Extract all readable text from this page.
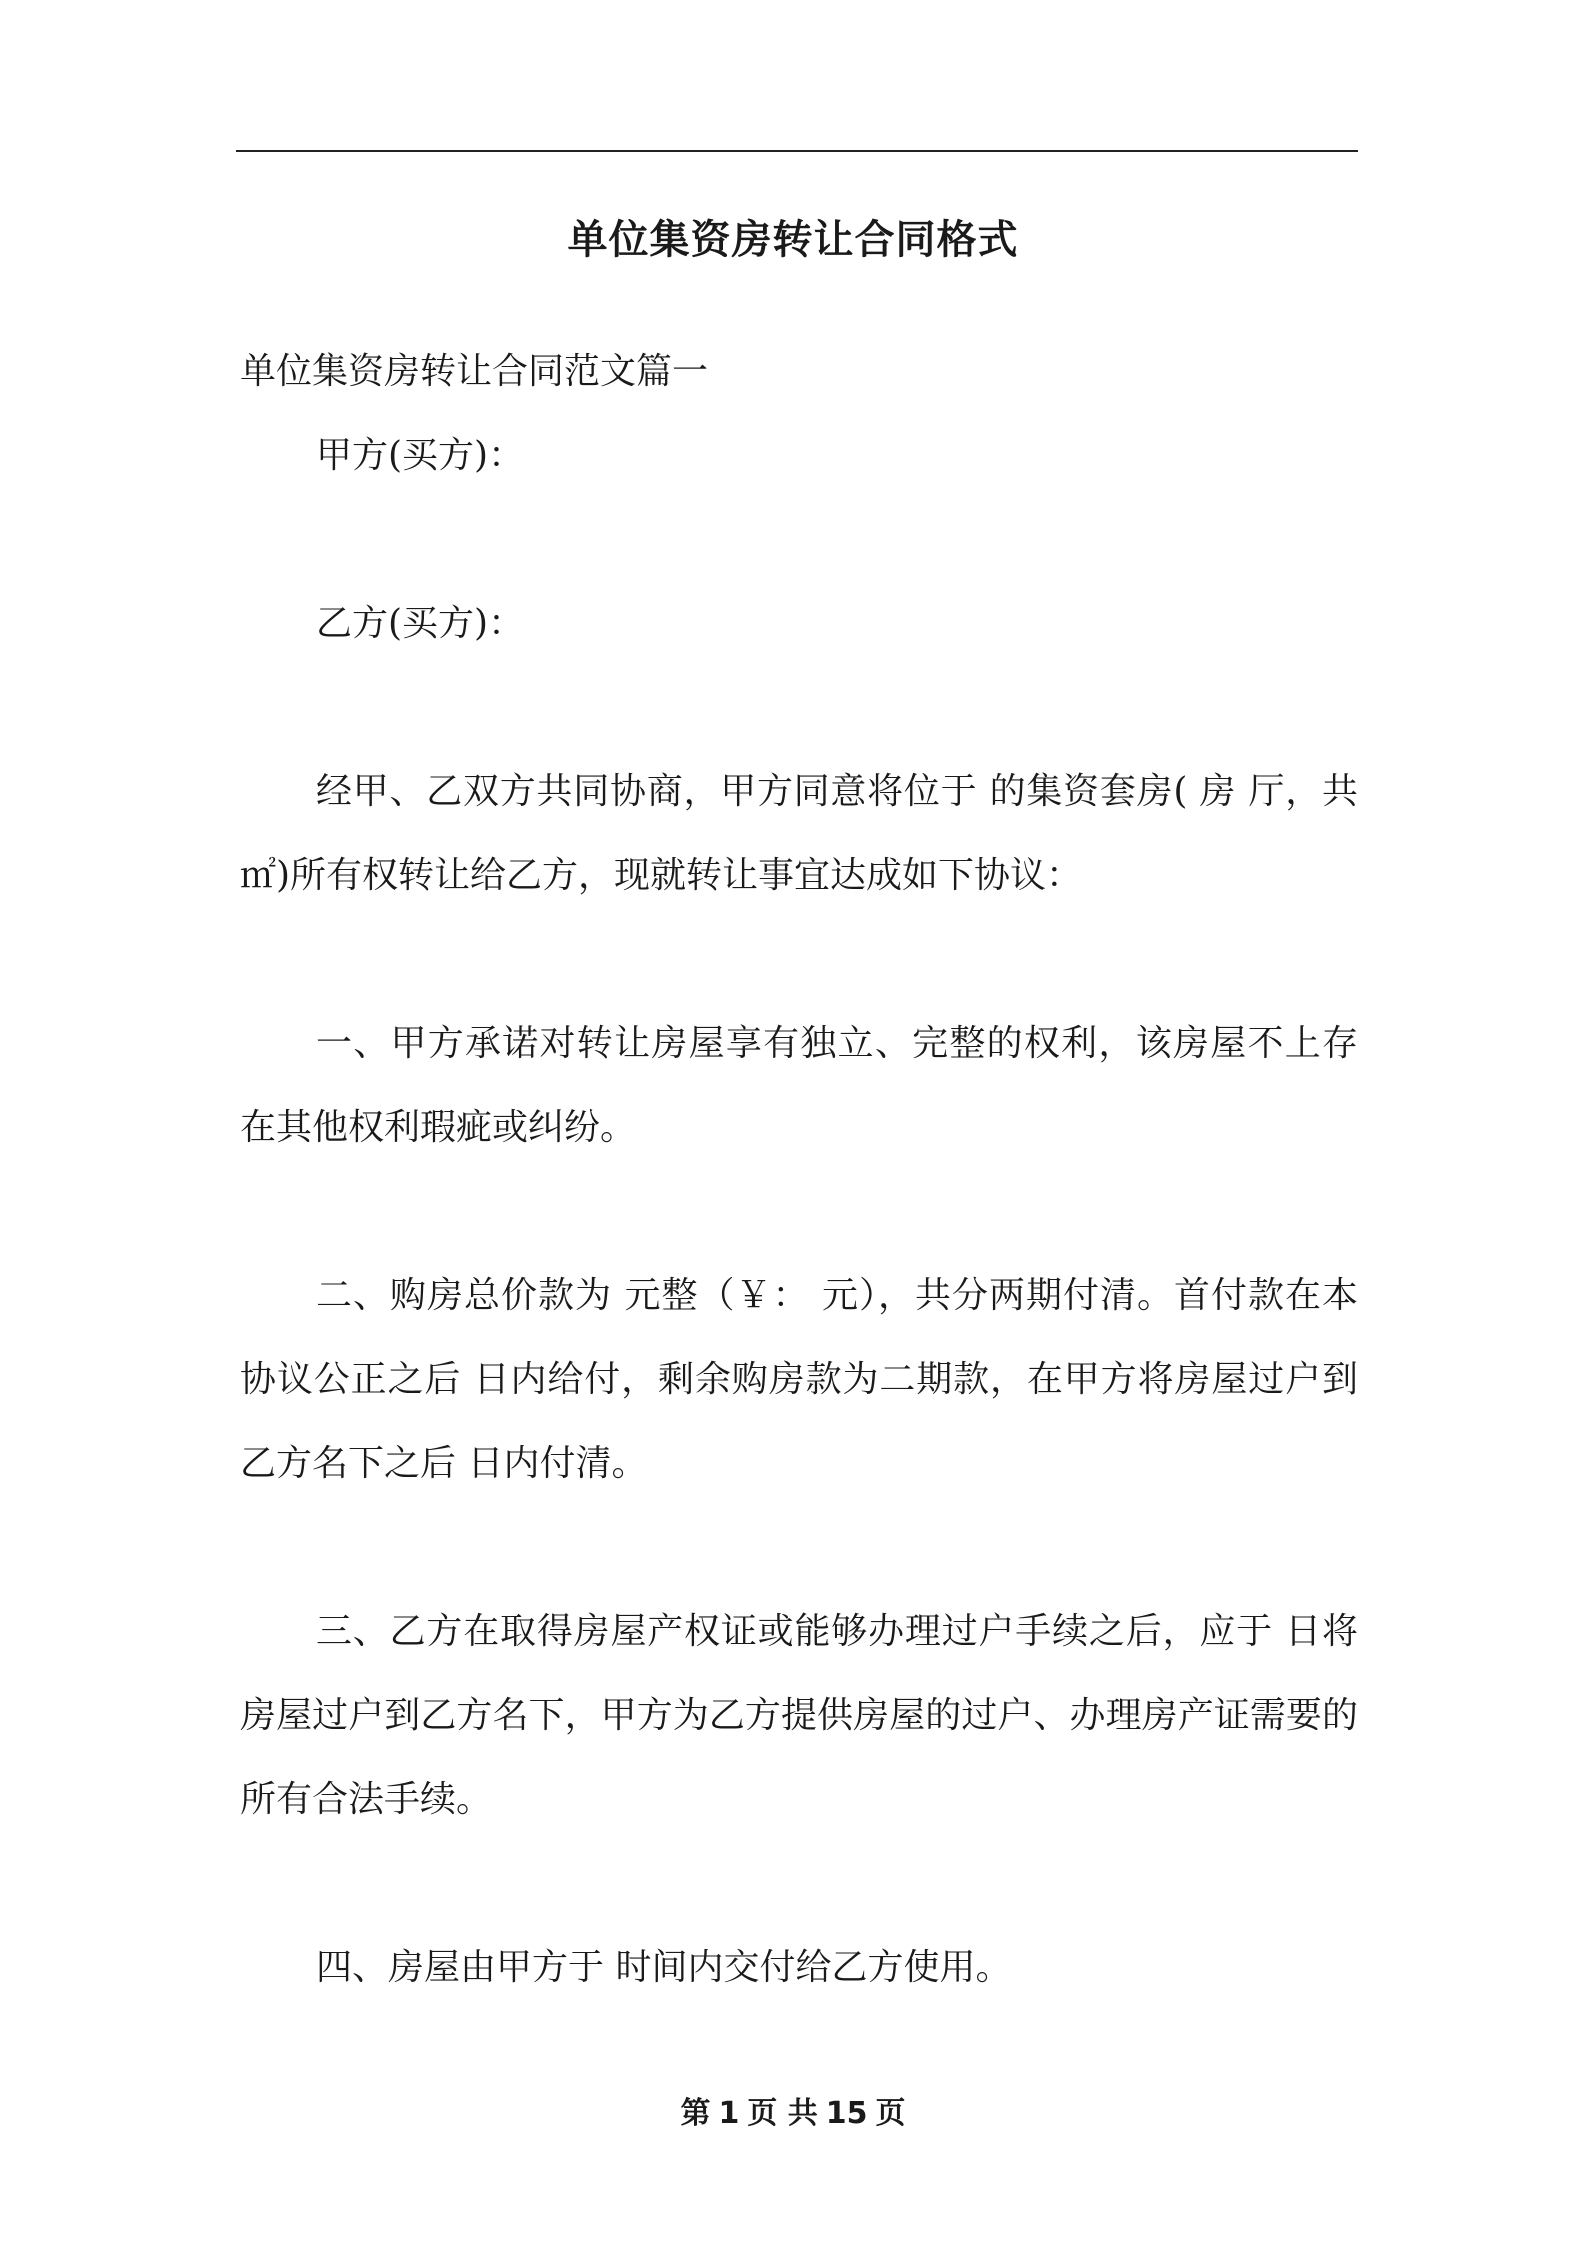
单位集资房转让合同格式

单位集资房转让合同范文篇一

甲方(买方)：

乙方(买方)：

经甲、乙双方共同协商，甲方同意将位于 的集资套房( 房 厅，共 ㎡)所有权转让给乙方，现就转让事宜达成如下协议：

一、甲方承诺对转让房屋享有独立、完整的权利，该房屋不上存在其他权利瑕疵或纠纷。

二、购房总价款为 元整（￥： 元），共分两期付清。首付款在本协议公正之后 日内给付，剩余购房款为二期款，在甲方将房屋过户到乙方名下之后 日内付清。

三、乙方在取得房屋产权证或能够办理过户手续之后，应于 日将房屋过户到乙方名下，甲方为乙方提供房屋的过户、办理房产证需要的所有合法手续。

四、房屋由甲方于 时间内交付给乙方使用。

第 1 页 共 15 页
